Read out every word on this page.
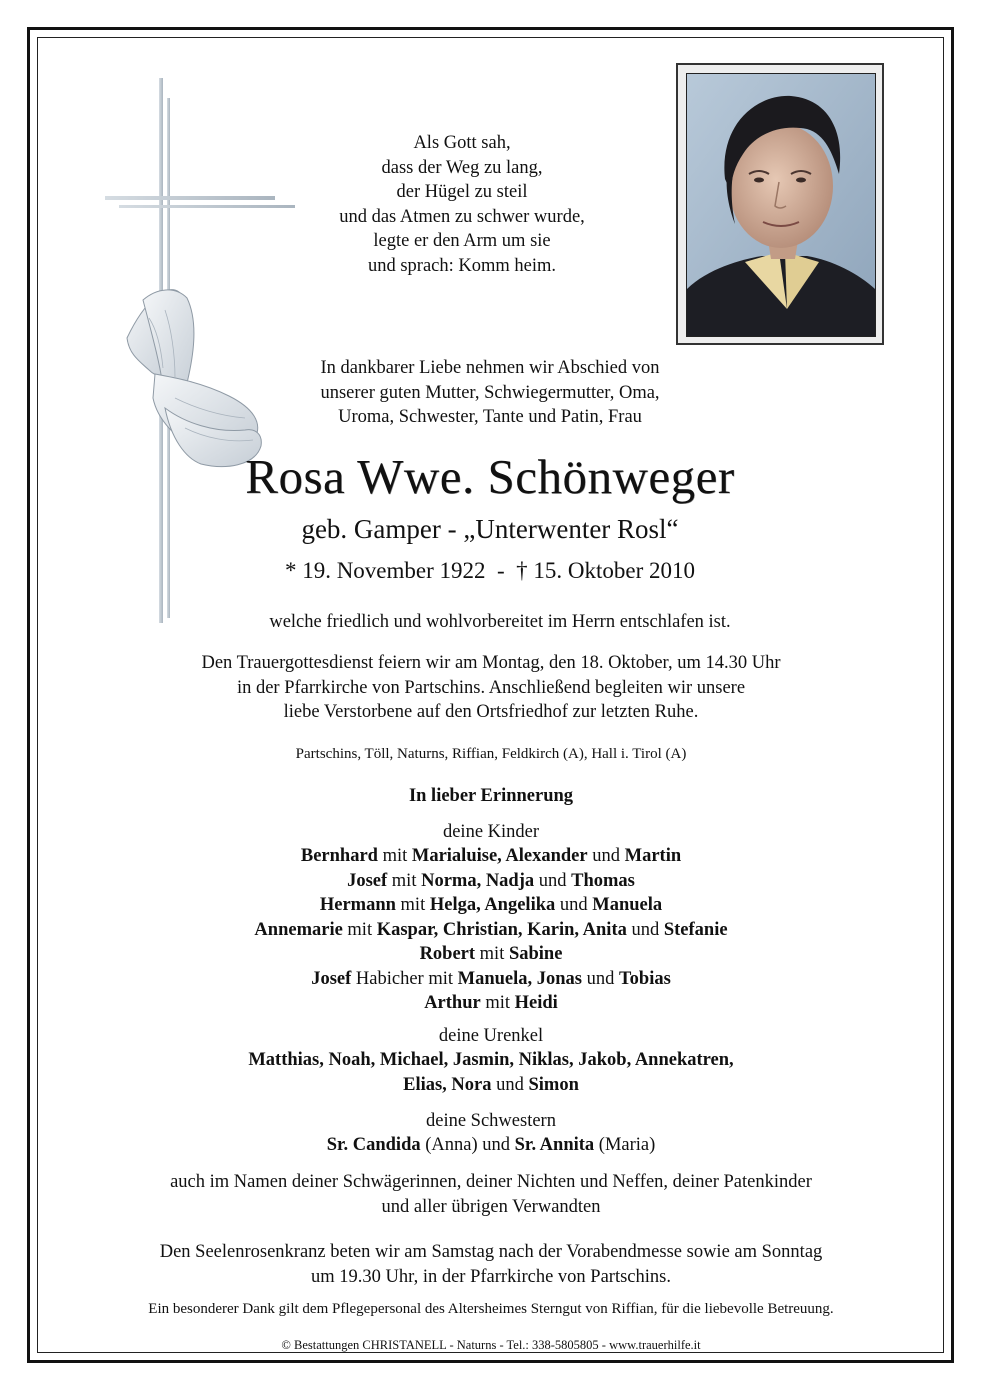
Als Gott sah,
dass der Weg zu lang,
der Hügel zu steil
und das Atmen zu schwer wurde,
legte er den Arm um sie
und sprach: Komm heim.
In dankbarer Liebe nehmen wir Abschied von
unserer guten Mutter, Schwiegermutter, Oma,
Uroma, Schwester, Tante und Patin, Frau
Rosa Wwe. Schönweger
geb. Gamper - „Unterwenter Rosl“
* 19. November 1922  -  † 15. Oktober 2010
welche friedlich und wohlvorbereitet im Herrn entschlafen ist.
Den Trauergottesdienst feiern wir am Montag, den 18. Oktober, um 14.30 Uhr
in der Pfarrkirche von Partschins. Anschließend begleiten wir unsere
liebe Verstorbene auf den Ortsfriedhof zur letzten Ruhe.
Partschins, Töll, Naturns, Riffian, Feldkirch (A), Hall i. Tirol (A)
In lieber Erinnerung
deine Kinder
Bernhard mit Marialuise, Alexander und Martin
Josef mit Norma, Nadja und Thomas
Hermann mit Helga, Angelika und Manuela
Annemarie mit Kaspar, Christian, Karin, Anita und Stefanie
Robert mit Sabine
Josef Habicher mit Manuela, Jonas und Tobias
Arthur mit Heidi
deine Urenkel
Matthias, Noah, Michael, Jasmin, Niklas, Jakob, Annekatren,
Elias, Nora und Simon
deine Schwestern
Sr. Candida (Anna) und Sr. Annita (Maria)
auch im Namen deiner Schwägerinnen, deiner Nichten und Neffen, deiner Patenkinder
und aller übrigen Verwandten
Den Seelenrosenkranz beten wir am Samstag nach der Vorabendmesse sowie am Sonntag
um 19.30 Uhr, in der Pfarrkirche von Partschins.
Ein besonderer Dank gilt dem Pflegepersonal des Altersheimes Sterngut von Riffian, für die liebevolle Betreuung.
© Bestattungen CHRISTANELL - Naturns - Tel.: 338-5805805 - www.trauerhilfe.it
